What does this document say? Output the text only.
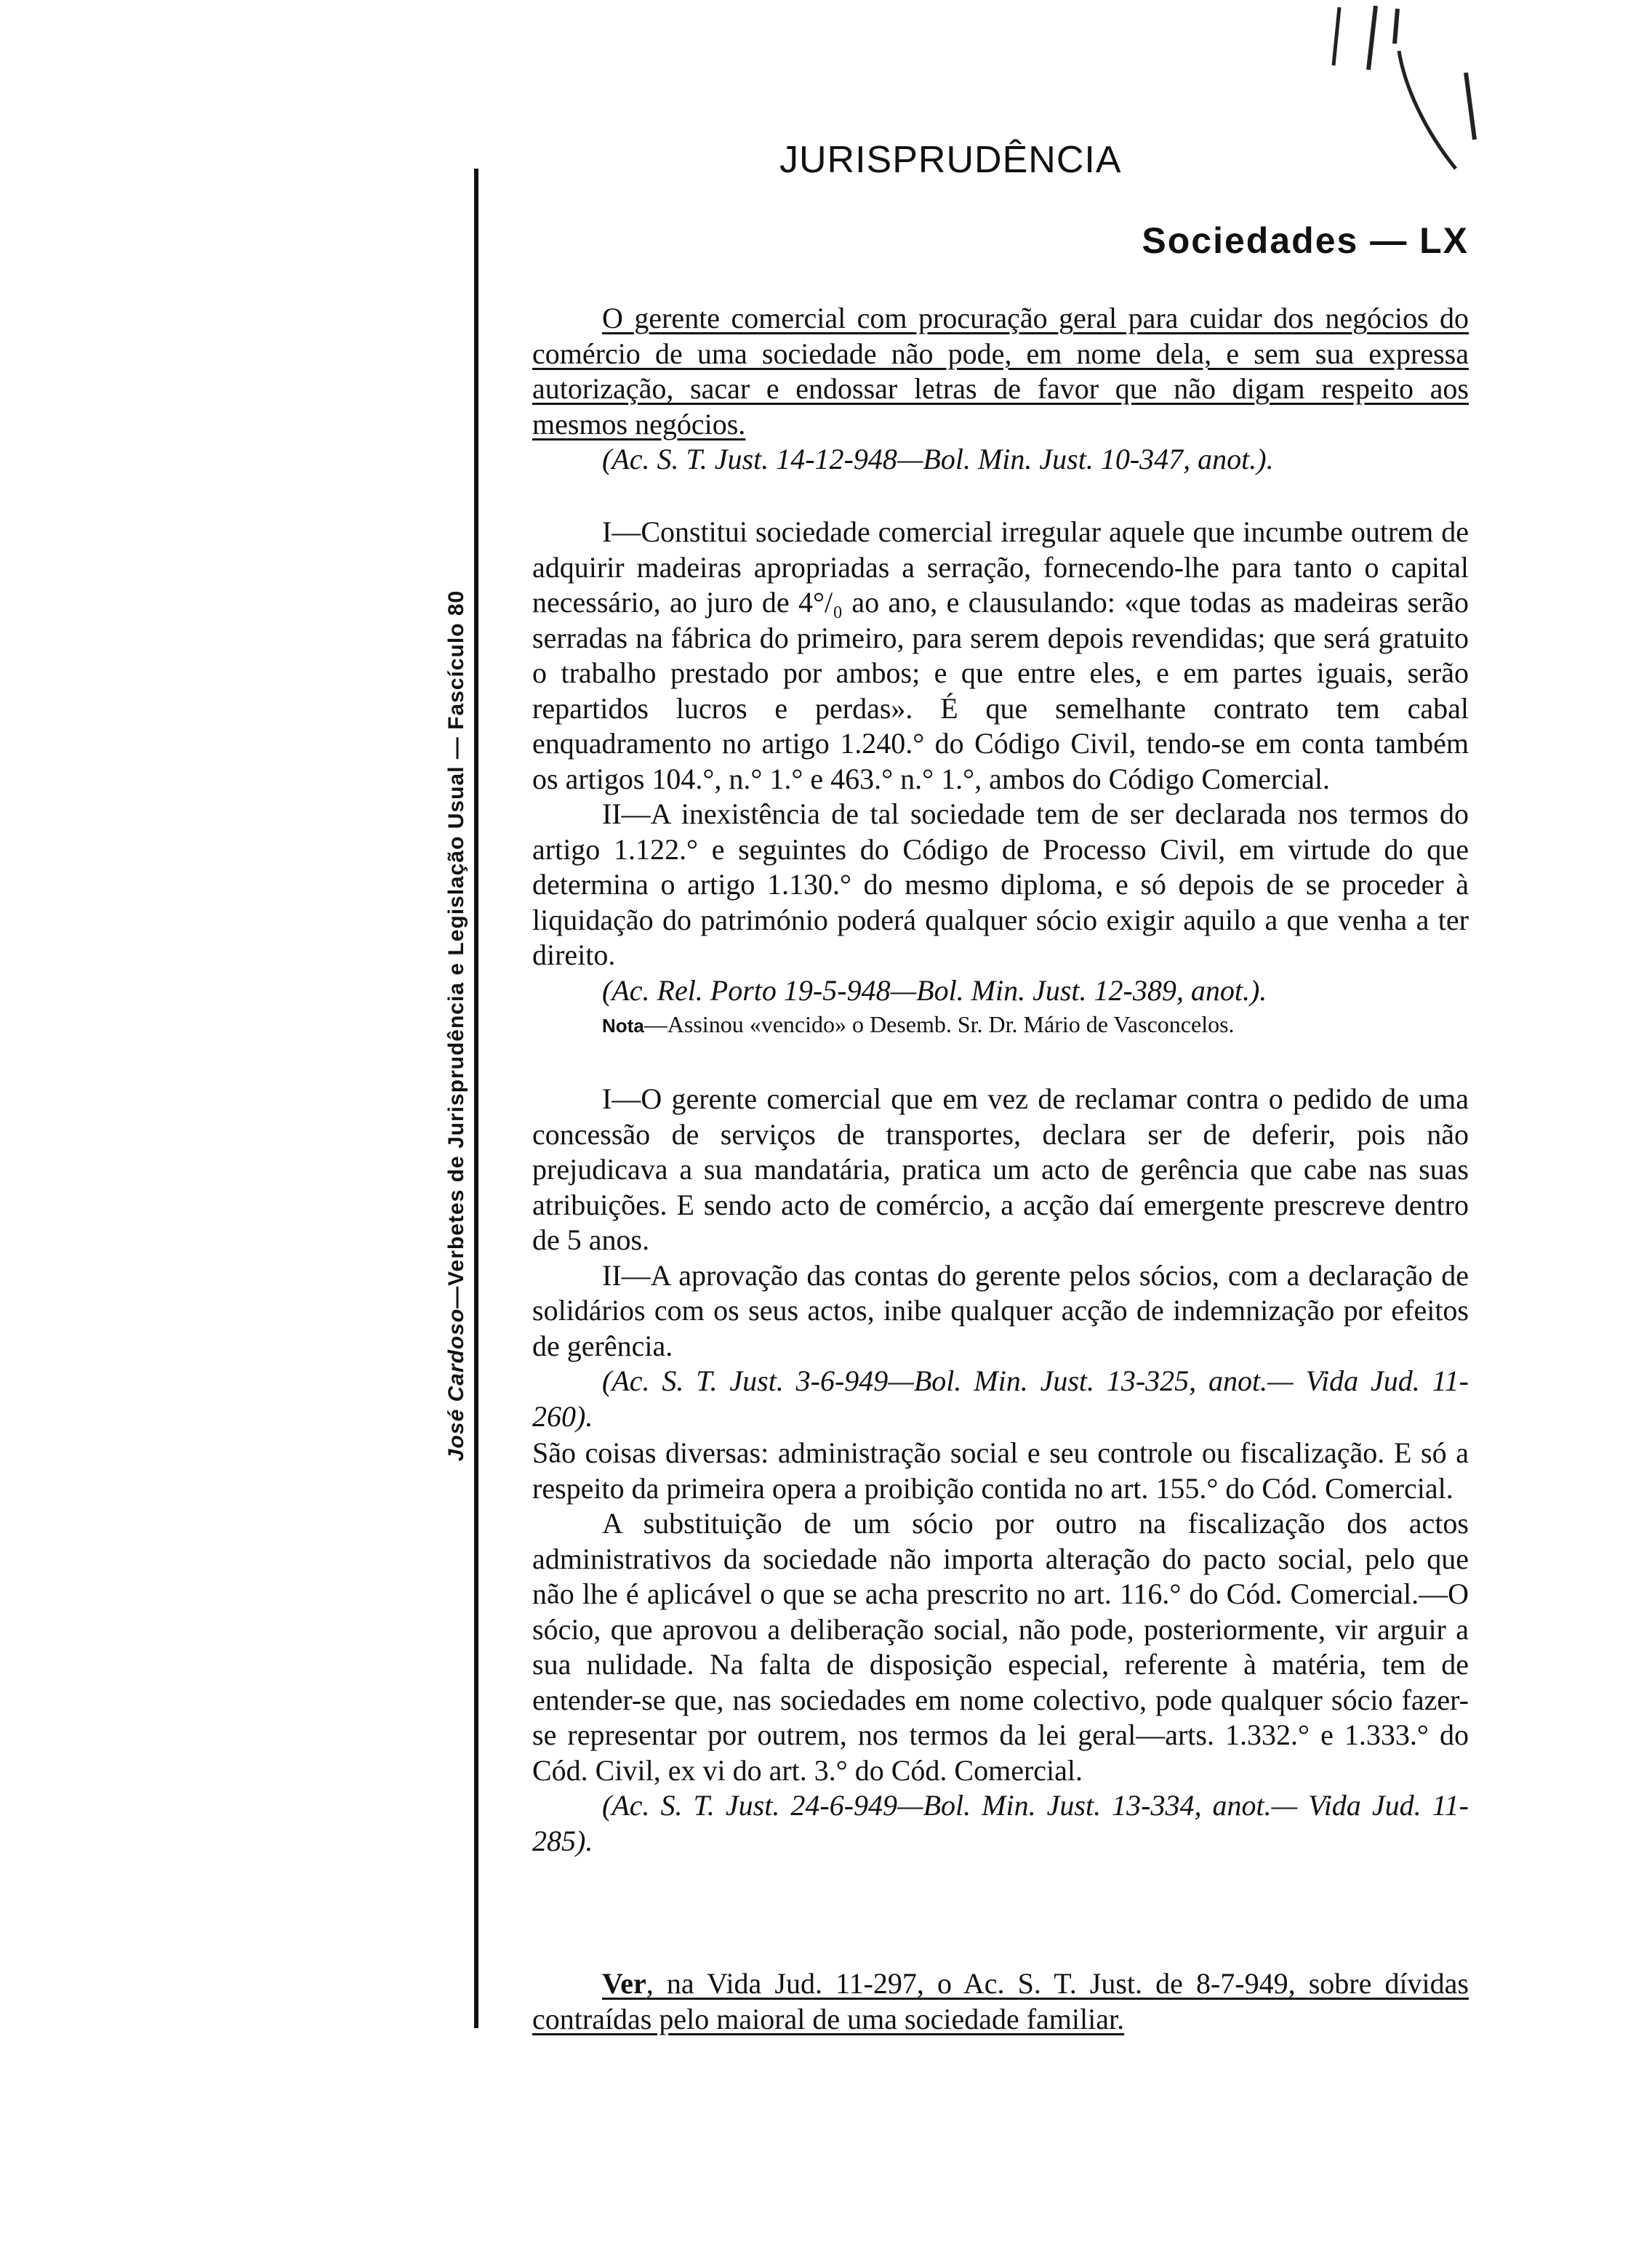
José Cardoso—Verbetes de Jurisprudência e Legislação Usual — Fascículo 80
JURISPRUDÊNCIA
Sociedades — LX

O gerente comercial com procuração geral para cuidar dos negócios do comércio de uma sociedade não pode, em nome dela, e sem sua expressa autorização, sacar e endossar letras de favor que não digam respeito aos mesmos negócios.

(Ac. S. T. Just. 14-12-948—Bol. Min. Just. 10-347, anot.).

I—Constitui sociedade comercial irregular aquele que incumbe outrem de adquirir madeiras apropriadas a serração, fornecendo-lhe para tanto o capital necessário, ao juro de 4°/₀ ao ano, e clausulando: «que todas as madeiras serão serradas na fábrica do primeiro, para serem depois revendidas; que será gratuito o trabalho prestado por ambos; e que entre eles, e em partes iguais, serão repartidos lucros e perdas». É que semelhante contrato tem cabal enquadramento no artigo 1.240.° do Código Civil, tendo-se em conta também os artigos 104.°, n.° 1.° e 463.° n.° 1.°, ambos do Código Comercial.

II—A inexistência de tal sociedade tem de ser declarada nos termos do artigo 1.122.° e seguintes do Código de Processo Civil, em virtude do que determina o artigo 1.130.° do mesmo diploma, e só depois de se proceder à liquidação do património poderá qualquer sócio exigir aquilo a que venha a ter direito.

(Ac. Rel. Porto 19-5-948—Bol. Min. Just. 12-389, anot.).

Nota—Assinou «vencido» o Desemb. Sr. Dr. Mário de Vasconcelos.

I—O gerente comercial que em vez de reclamar contra o pedido de uma concessão de serviços de transportes, declara ser de deferir, pois não prejudicava a sua mandatária, pratica um acto de gerência que cabe nas suas atribuições. E sendo acto de comércio, a acção daí emergente prescreve dentro de 5 anos.

II—A aprovação das contas do gerente pelos sócios, com a declaração de solidários com os seus actos, inibe qualquer acção de indemnização por efeitos de gerência.

(Ac. S. T. Just. 3-6-949—Bol. Min. Just. 13-325, anot.— Vida Jud. 11-260).

São coisas diversas: administração social e seu controle ou fiscalização. E só a respeito da primeira opera a proibição contida no art. 155.° do Cód. Comercial.

A substituição de um sócio por outro na fiscalização dos actos administrativos da sociedade não importa alteração do pacto social, pelo que não lhe é aplicável o que se acha prescrito no art. 116.° do Cód. Comercial.—O sócio, que aprovou a deliberação social, não pode, posteriormente, vir arguir a sua nulidade. Na falta de disposição especial, referente à matéria, tem de entender-se que, nas sociedades em nome colectivo, pode qualquer sócio fazer-se representar por outrem, nos termos da lei geral—arts. 1.332.° e 1.333.° do Cód. Civil, ex vi do art. 3.° do Cód. Comercial.

(Ac. S. T. Just. 24-6-949—Bol. Min. Just. 13-334, anot.— Vida Jud. 11-285).

Ver, na Vida Jud. 11-297, o Ac. S. T. Just. de 8-7-949, sobre dívidas contraídas pelo maioral de uma sociedade familiar.
